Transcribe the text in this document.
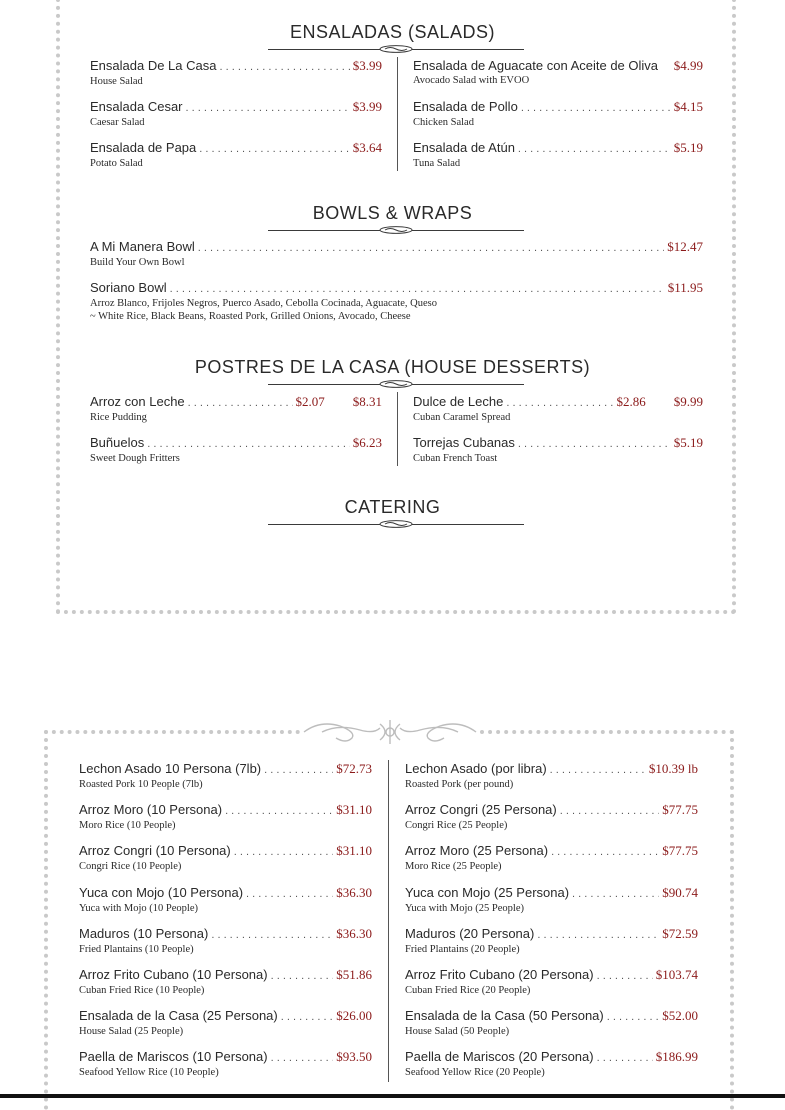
ENSALADAS (SALADS)
Ensalada De La Casa . . .	$3.99
House Salad
Ensalada Cesar . . .	$3.99
Caesar Salad
Ensalada de Papa . . .	$3.64
Potato Salad
Ensalada de Aguacate con Aceite de Oliva $4.99
Avocado Salad with EVOO
Ensalada de Pollo . . .	$4.15
Chicken Salad
Ensalada de Atún . . .	$5.19
Tuna Salad
BOWLS & WRAPS
A Mi Manera Bowl . . .	$12.47
Build Your Own Bowl
Soriano Bowl . . .	$11.95
Arroz Blanco, Frijoles Negros, Puerco Asado, Cebolla Cocinada, Aguacate, Queso
~ White Rice, Black Beans, Roasted Pork, Grilled Onions, Avocado, Cheese
POSTRES DE LA CASA (HOUSE DESSERTS)
Arroz con Leche . . .	$2.07 $8.31
Rice Pudding
Buñuelos . . .	$6.23
Sweet Dough Fritters
Dulce de Leche . . .	$2.86 $9.99
Cuban Caramel Spread
Torrejas Cubanas . . .	$5.19
Cuban French Toast
CATERING
Lechon Asado 10 Persona (7lb) . . .	$72.73
Roasted Pork 10 People (7lb)
Arroz Moro (10 Persona) . . .	$31.10
Moro Rice (10 People)
Arroz Congri (10 Persona) . . .	$31.10
Congri Rice (10 People)
Yuca con Mojo (10 Persona) . . .	$36.30
Yuca with Mojo (10 People)
Maduros (10 Persona) . . .	$36.30
Fried Plantains (10 People)
Arroz Frito Cubano (10 Persona) . . .	$51.86
Cuban Fried Rice (10 People)
Ensalada de la Casa (25 Persona) . . .	$26.00
House Salad (25 People)
Paella de Mariscos (10 Persona) . . .	$93.50
Seafood Yellow Rice (10 People)
Lechon Asado (por libra) . . .	$10.39 lb
Roasted Pork (per pound)
Arroz Congri (25 Persona) . . .	$77.75
Congri Rice (25 People)
Arroz Moro (25 Persona) . . .	$77.75
Moro Rice (25 People)
Yuca con Mojo (25 Persona) . . .	$90.74
Yuca with Mojo (25 People)
Maduros (20 Persona) . . .	$72.59
Fried Plantains (20 People)
Arroz Frito Cubano (20 Persona) . . .	$103.74
Cuban Fried Rice (20 People)
Ensalada de la Casa (50 Persona) . . .	$52.00
House Salad (50 People)
Paella de Mariscos (20 Persona) . . .	$186.99
Seafood Yellow Rice (20 People)
